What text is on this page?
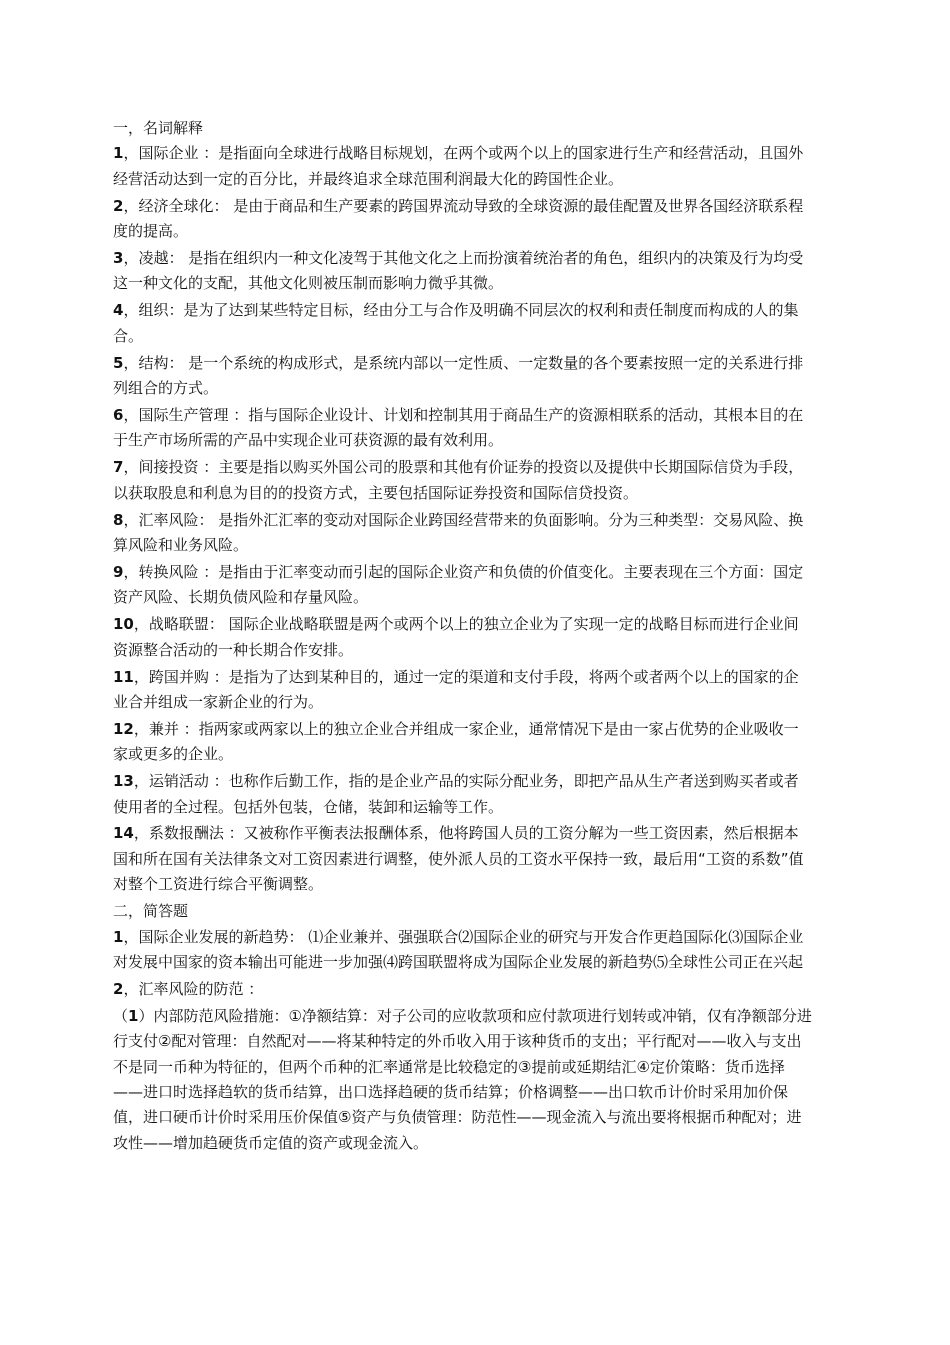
一，名词解释

1，国际企业 ：是指面向全球进行战略目标规划，在两个或两个以上的国家进行生产和经营活动，且国外经营活动达到一定的百分比，并最终追求全球范围利润最大化的跨国性企业。

2，经济全球化： 是由于商品和生产要素的跨国界流动导致的全球资源的最佳配置及世界各国经济联系程度的提高。

3，凌越： 是指在组织内一种文化凌驾于其他文化之上而扮演着统治者的角色，组织内的决策及行为均受这一种文化的支配，其他文化则被压制而影响力微乎其微。

4，组织：是为了达到某些特定目标，经由分工与合作及明确不同层次的权利和责任制度而构成的人的集合。

5，结构： 是一个系统的构成形式，是系统内部以一定性质、一定数量的各个要素按照一定的关系进行排列组合的方式。

6，国际生产管理 ：指与国际企业设计、计划和控制其用于商品生产的资源相联系的活动，其根本目的在于生产市场所需的产品中实现企业可获资源的最有效利用。

7，间接投资 ：主要是指以购买外国公司的股票和其他有价证券的投资以及提供中长期国际信贷为手段，以获取股息和利息为目的的投资方式，主要包括国际证券投资和国际信贷投资。

8，汇率风险： 是指外汇汇率的变动对国际企业跨国经营带来的负面影响。分为三种类型：交易风险、换算风险和业务风险。

9，转换风险 ：是指由于汇率变动而引起的国际企业资产和负债的价值变化。主要表现在三个方面：国定资产风险、长期负债风险和存量风险。

10，战略联盟： 国际企业战略联盟是两个或两个以上的独立企业为了实现一定的战略目标而进行企业间资源整合活动的一种长期合作安排。

11，跨国并购 ：是指为了达到某种目的，通过一定的渠道和支付手段，将两个或者两个以上的国家的企业合并组成一家新企业的行为。

12，兼并 ：指两家或两家以上的独立企业合并组成一家企业，通常情况下是由一家占优势的企业吸收一家或更多的企业。

13，运销活动 ：也称作后勤工作，指的是企业产品的实际分配业务，即把产品从生产者送到购买者或者使用者的全过程。包括外包装，仓储，装卸和运输等工作。

14，系数报酬法 ：又被称作平衡表法报酬体系，他将跨国人员的工资分解为一些工资因素，然后根据本国和所在国有关法律条文对工资因素进行调整，使外派人员的工资水平保持一致，最后用“工资的系数”值对整个工资进行综合平衡调整。

二，简答题

1，国际企业发展的新趋势： ⑴企业兼并、强强联合⑵国际企业的研究与开发合作更趋国际化⑶国际企业对发展中国家的资本输出可能进一步加强⑷跨国联盟将成为国际企业发展的新趋势⑸全球性公司正在兴起

2，汇率风险的防范 ：

（1）内部防范风险措施：①净额结算：对子公司的应收款项和应付款项进行划转或冲销，仅有净额部分进行支付②配对管理：自然配对——将某种特定的外币收入用于该种货币的支出；平行配对——收入与支出不是同一币种为特征的，但两个币种的汇率通常是比较稳定的③提前或延期结汇④定价策略：货币选择——进口时选择趋软的货币结算，出口选择趋硬的货币结算；价格调整——出口软币计价时采用加价保值，进口硬币计价时采用压价保值⑤资产与负债管理：防范性——现金流入与流出要将根据币种配对；进攻性——增加趋硬货币定值的资产或现金流入。
